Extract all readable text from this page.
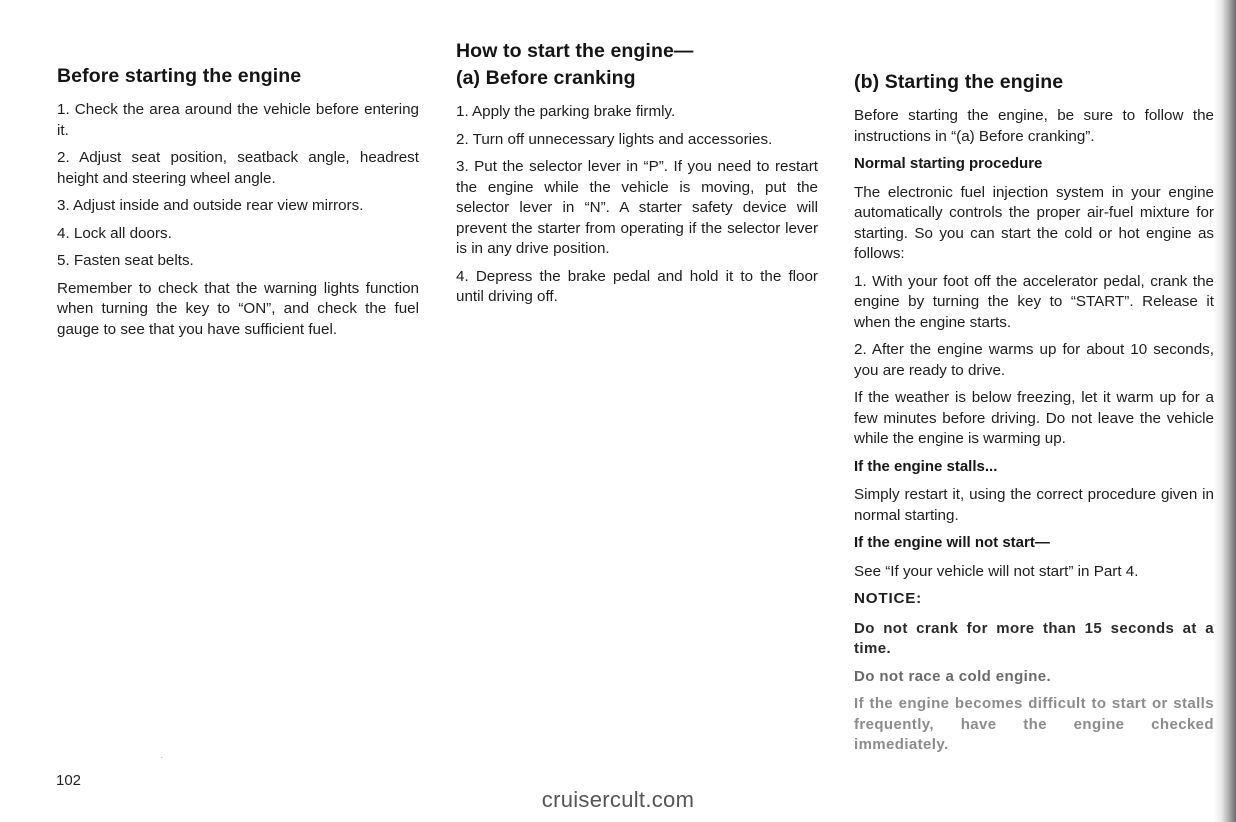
Before starting the engine

1. Check the area around the vehicle before entering it.

2. Adjust seat position, seatback angle, headrest height and steering wheel angle.

3. Adjust inside and outside rear view mirrors.

4. Lock all doors.

5. Fasten seat belts.

Remember to check that the warning lights function when turning the key to “ON”, and check the fuel gauge to see that you have sufficient fuel.

How to start the engine—
(a) Before cranking

1. Apply the parking brake firmly.

2. Turn off unnecessary lights and accessories.

3. Put the selector lever in “P”. If you need to restart the engine while the vehicle is moving, put the selector lever in “N”. A starter safety device will prevent the starter from operating if the selector lever is in any drive position.

4. Depress the brake pedal and hold it to the floor until driving off.

(b) Starting the engine

Before starting the engine, be sure to follow the instructions in “(a) Before cranking”.

Normal starting procedure

The electronic fuel injection system in your engine automatically controls the proper air-fuel mixture for starting. So you can start the cold or hot engine as follows:

1. With your foot off the accelerator pedal, crank the engine by turning the key to “START”. Release it when the engine starts.

2. After the engine warms up for about 10 seconds, you are ready to drive.

If the weather is below freezing, let it warm up for a few minutes before driving. Do not leave the vehicle while the engine is warming up.

If the engine stalls...

Simply restart it, using the correct procedure given in normal starting.

If the engine will not start—

See “If your vehicle will not start” in Part 4.

NOTICE:

Do not crank for more than 15 seconds at a time.

Do not race a cold engine.

If the engine becomes difficult to start or stalls frequently, have the engine checked immediately.

·
102
cruisercult.com
